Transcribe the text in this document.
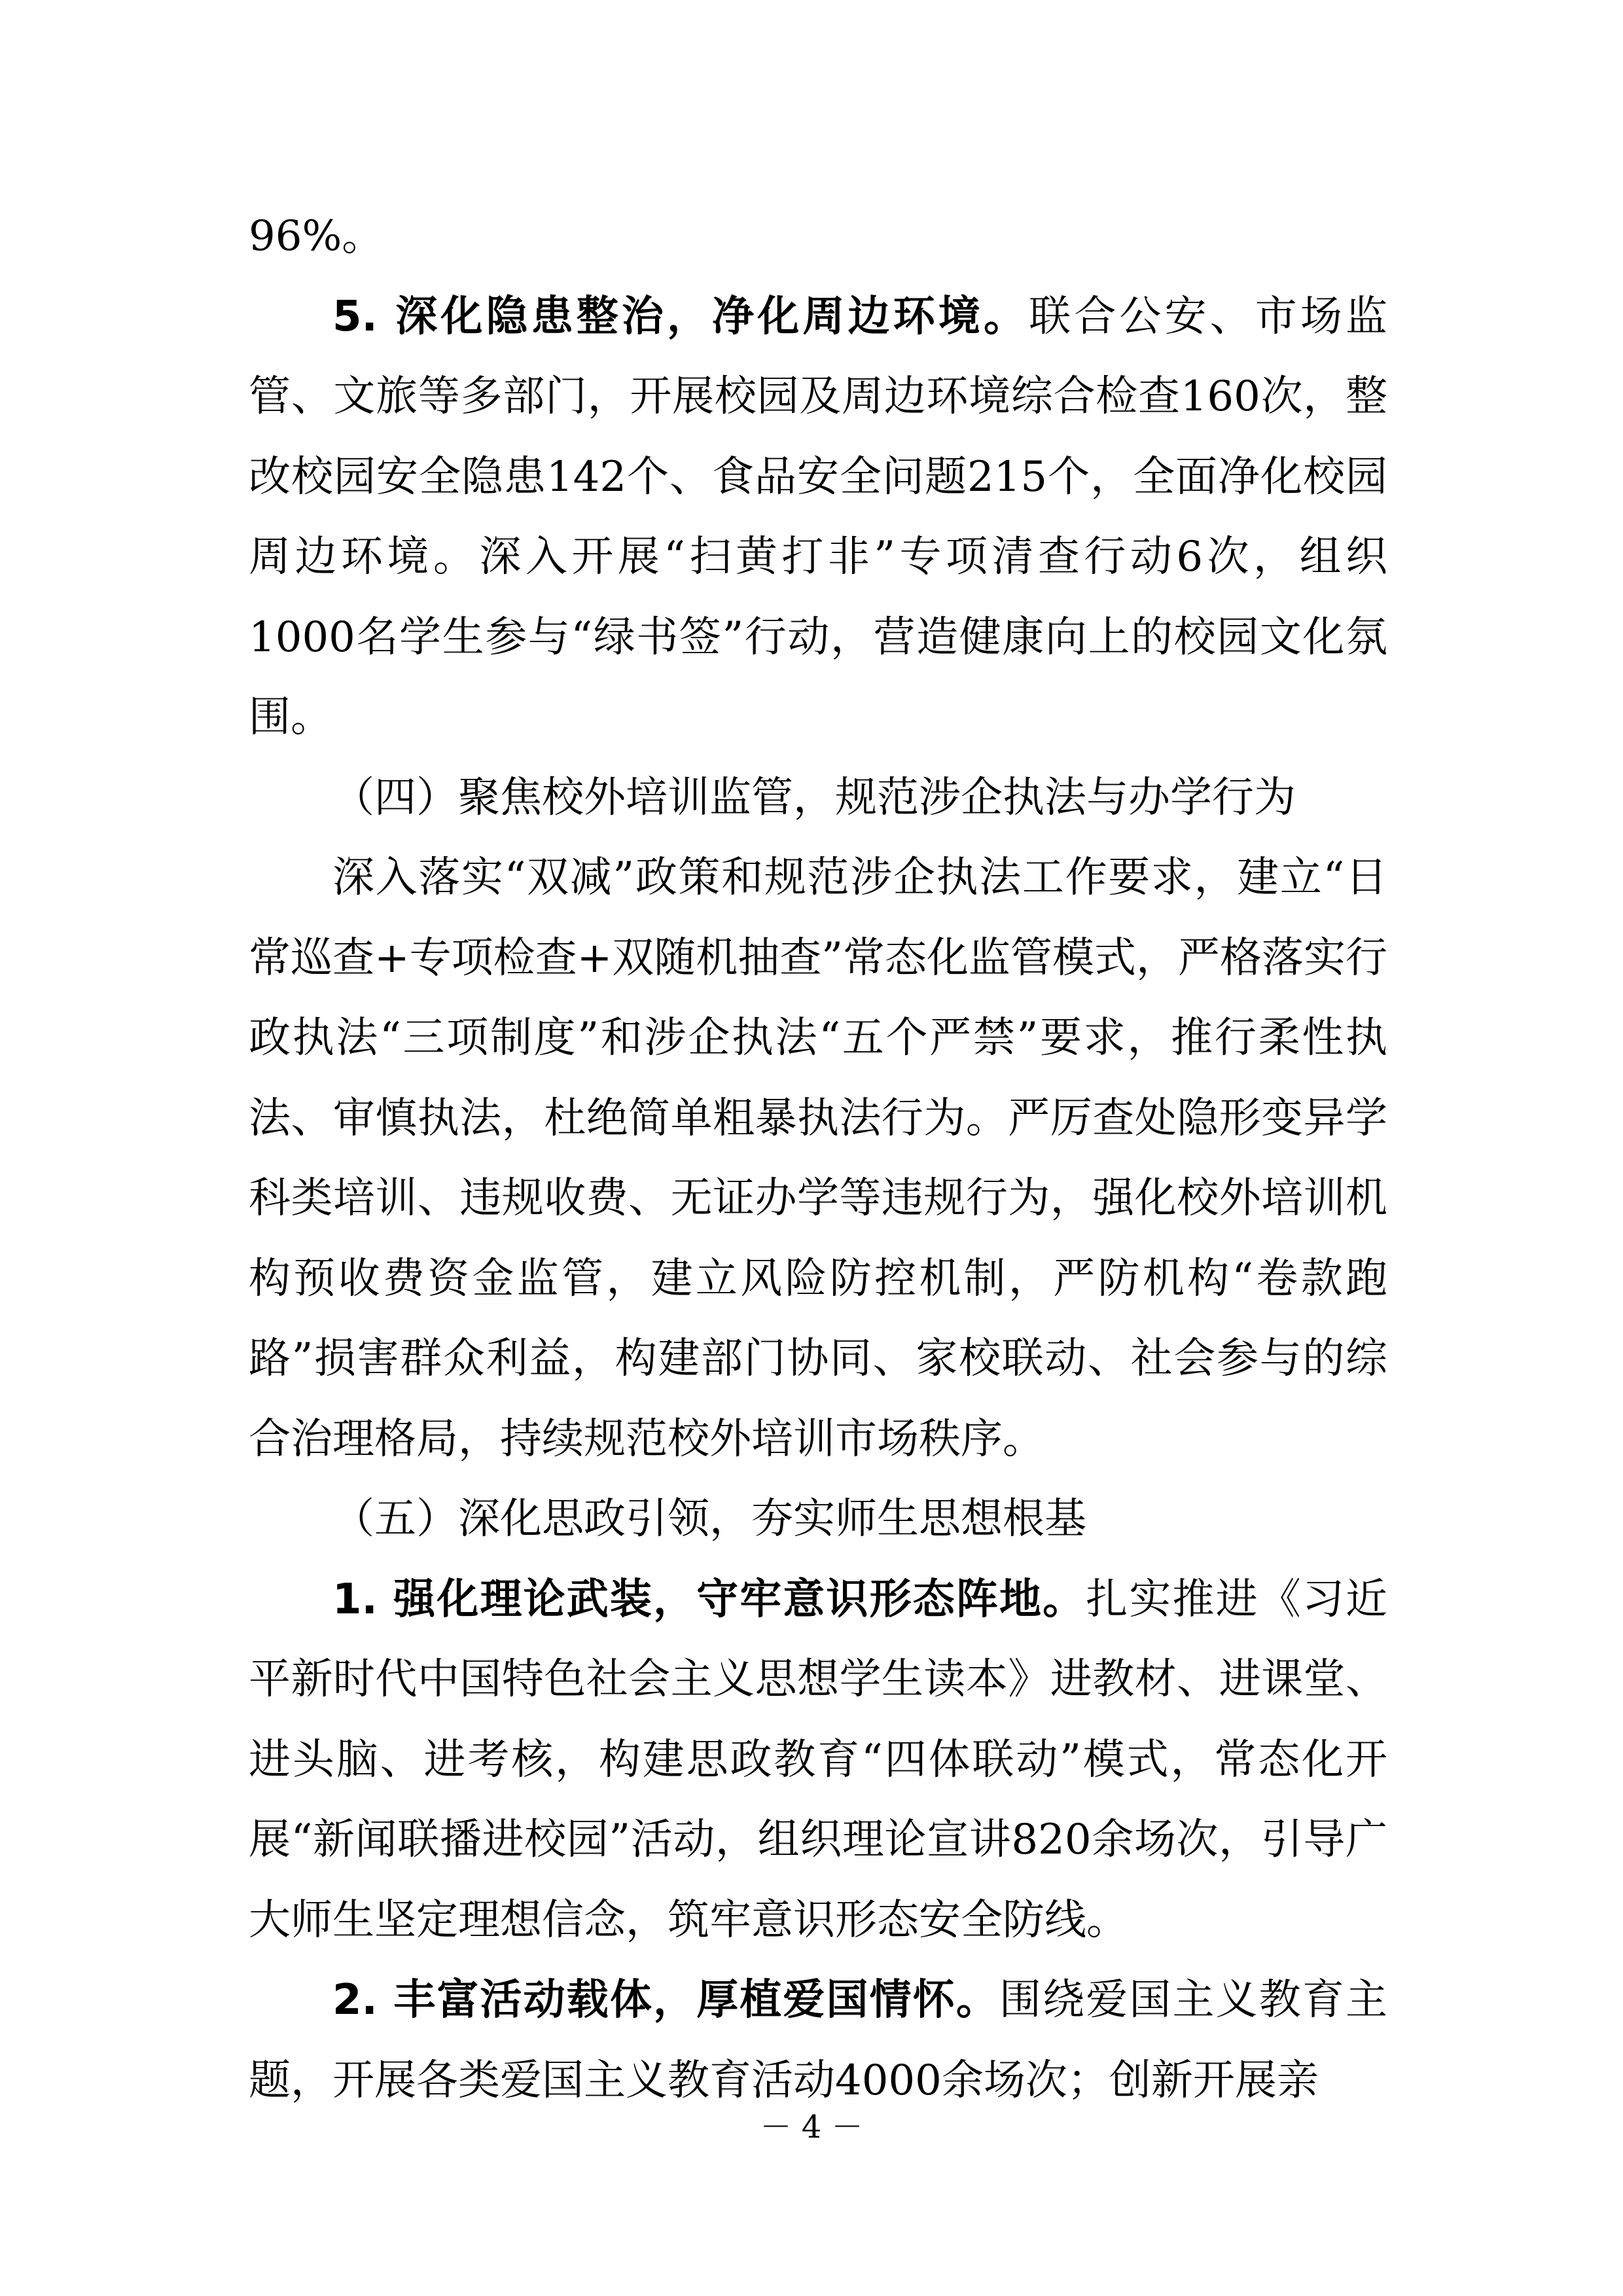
96%。

5. 深化隐患整治，净化周边环境。联合公安、市场监管、文旅等多部门，开展校园及周边环境综合检查160次，整改校园安全隐患142个、食品安全问题215个，全面净化校园周边环境。深入开展“扫黄打非”专项清查行动6次，组织1000名学生参与“绿书签”行动，营造健康向上的校园文化氛围。

（四）聚焦校外培训监管，规范涉企执法与办学行为

深入落实“双减”政策和规范涉企执法工作要求，建立“日常巡查+专项检查+双随机抽查”常态化监管模式，严格落实行政执法“三项制度”和涉企执法“五个严禁”要求，推行柔性执法、审慎执法，杜绝简单粗暴执法行为。严厉查处隐形变异学科类培训、违规收费、无证办学等违规行为，强化校外培训机构预收费资金监管，建立风险防控机制，严防机构“卷款跑路”损害群众利益，构建部门协同、家校联动、社会参与的综合治理格局，持续规范校外培训市场秩序。

（五）深化思政引领，夯实师生思想根基

1. 强化理论武装，守牢意识形态阵地。扎实推进《习近平新时代中国特色社会主义思想学生读本》进教材、进课堂、进头脑、进考核，构建思政教育“四体联动”模式，常态化开展“新闻联播进校园”活动，组织理论宣讲820余场次，引导广大师生坚定理想信念，筑牢意识形态安全防线。

2. 丰富活动载体，厚植爱国情怀。围绕爱国主义教育主题，开展各类爱国主义教育活动4000余场次；创新开展亲

－ 4 －
